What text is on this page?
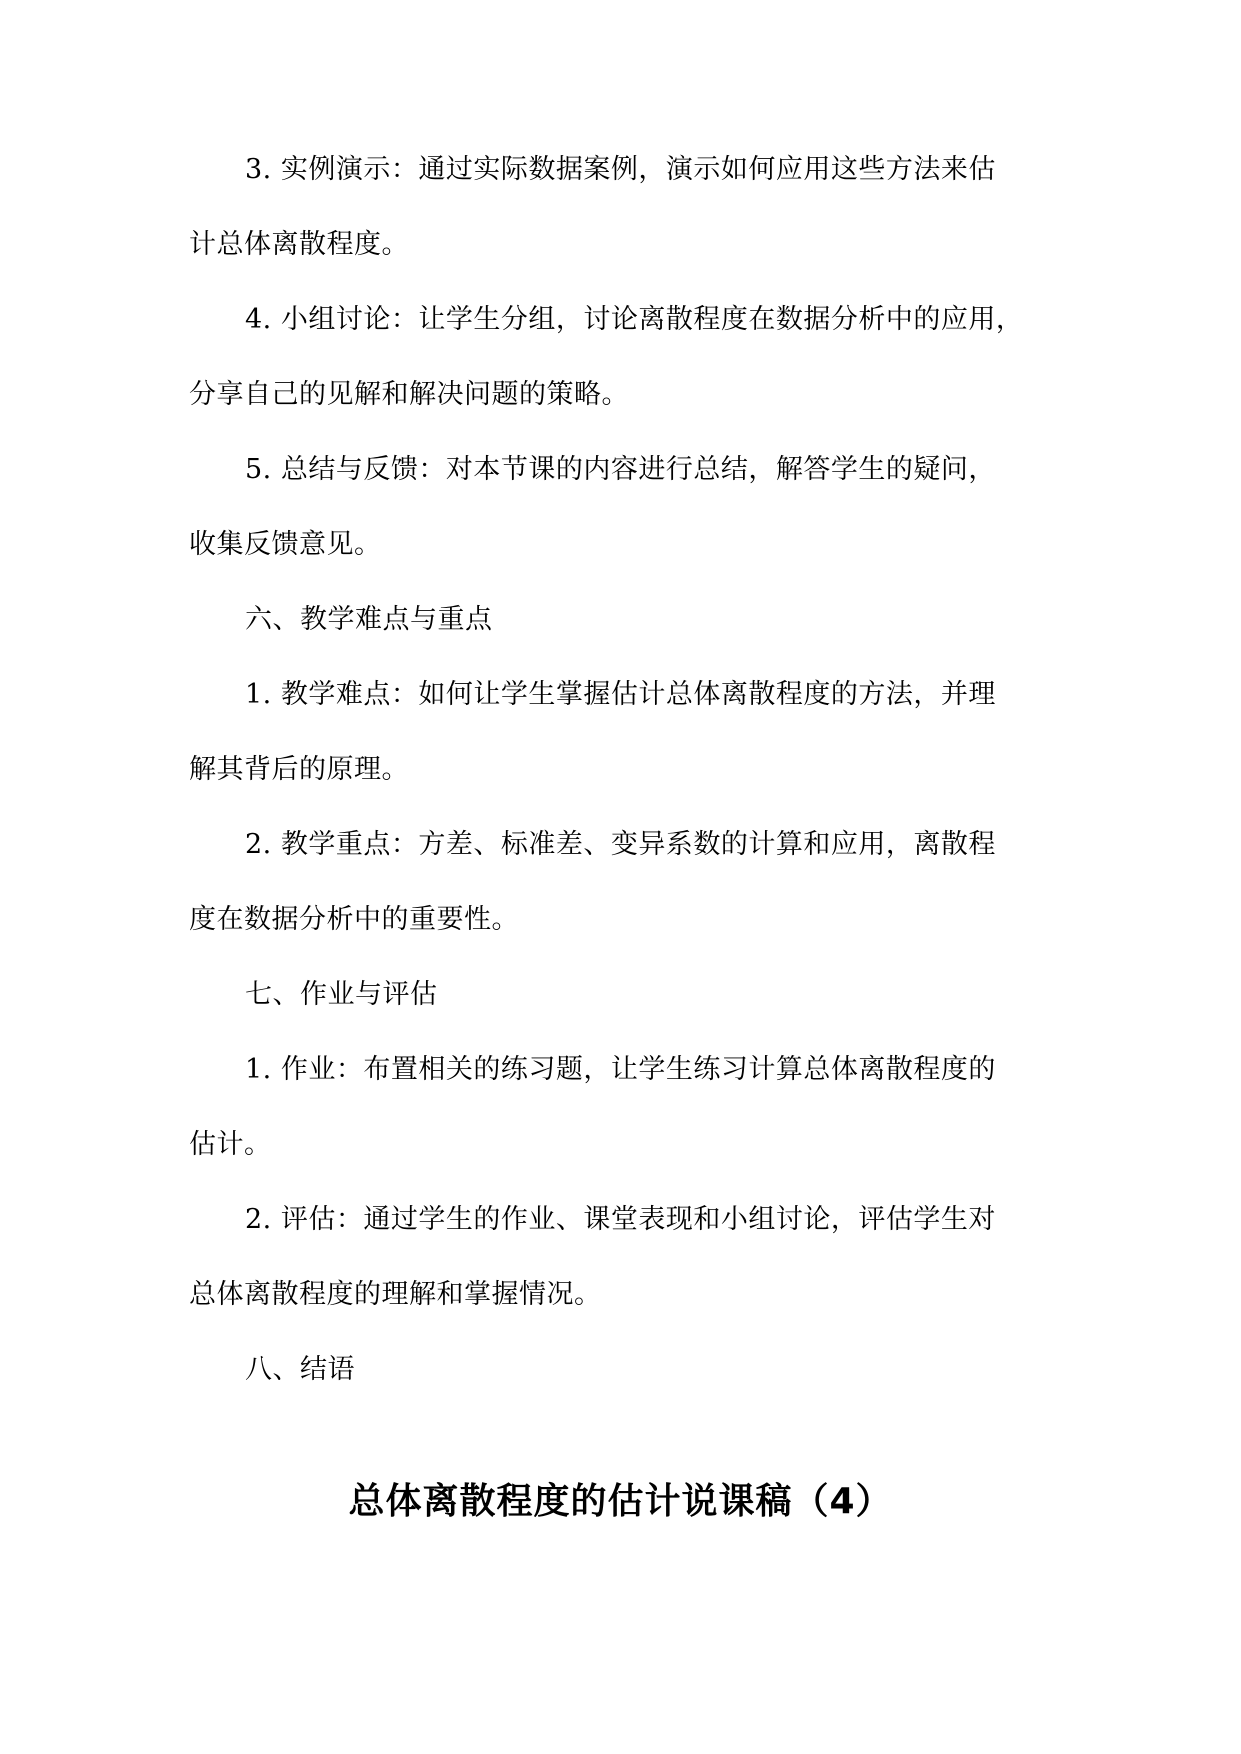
3. 实例演示：通过实际数据案例，演示如何应用这些方法来估
计总体离散程度。
4. 小组讨论：让学生分组，讨论离散程度在数据分析中的应用，
分享自己的见解和解决问题的策略。
5. 总结与反馈：对本节课的内容进行总结，解答学生的疑问，
收集反馈意见。
六、教学难点与重点
1. 教学难点：如何让学生掌握估计总体离散程度的方法，并理
解其背后的原理。
2. 教学重点：方差、标准差、变异系数的计算和应用，离散程
度在数据分析中的重要性。
七、作业与评估
1. 作业：布置相关的练习题，让学生练习计算总体离散程度的
估计。
2. 评估：通过学生的作业、课堂表现和小组讨论，评估学生对
总体离散程度的理解和掌握情况。
八、结语
总体离散程度的估计说课稿（4）
